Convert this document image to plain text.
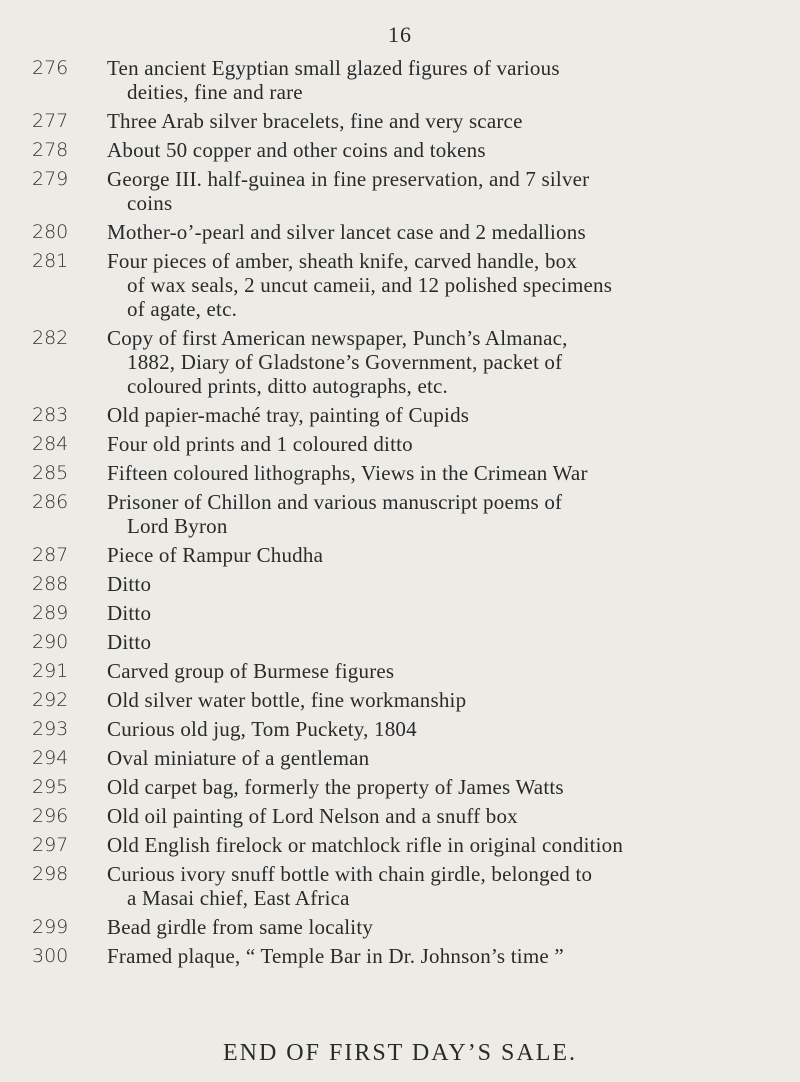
16
276	Ten ancient Egyptian small glazed figures of various
deities, fine and rare
277	Three Arab silver bracelets, fine and very scarce
278	About 50 copper and other coins and tokens
279	George III. half-guinea in fine preservation, and 7 silver
coins
280	Mother-o’-pearl and silver lancet case and 2 medallions
281	Four pieces of amber, sheath knife, carved handle, box
of wax seals, 2 uncut cameii, and 12 polished specimens
of agate, etc.
282	Copy of first American newspaper, Punch’s Almanac,
1882, Diary of Gladstone’s Government, packet of
coloured prints, ditto autographs, etc.
283	Old papier-maché tray, painting of Cupids
284	Four old prints and 1 coloured ditto
285	Fifteen coloured lithographs, Views in the Crimean War
286	Prisoner of Chillon and various manuscript poems of
Lord Byron
287	Piece of Rampur Chudha
288	Ditto
289	Ditto
290	Ditto
291	Carved group of Burmese figures
292	Old silver water bottle, fine workmanship
293	Curious old jug, Tom Puckety, 1804
294	Oval miniature of a gentleman
295	Old carpet bag, formerly the property of James Watts
296	Old oil painting of Lord Nelson and a snuff box
297	Old English firelock or matchlock rifle in original condition
298	Curious ivory snuff bottle with chain girdle, belonged to
a Masai chief, East Africa
299	Bead girdle from same locality
300	Framed plaque, “ Temple Bar in Dr. Johnson’s time ”
END OF FIRST DAY’S SALE.
